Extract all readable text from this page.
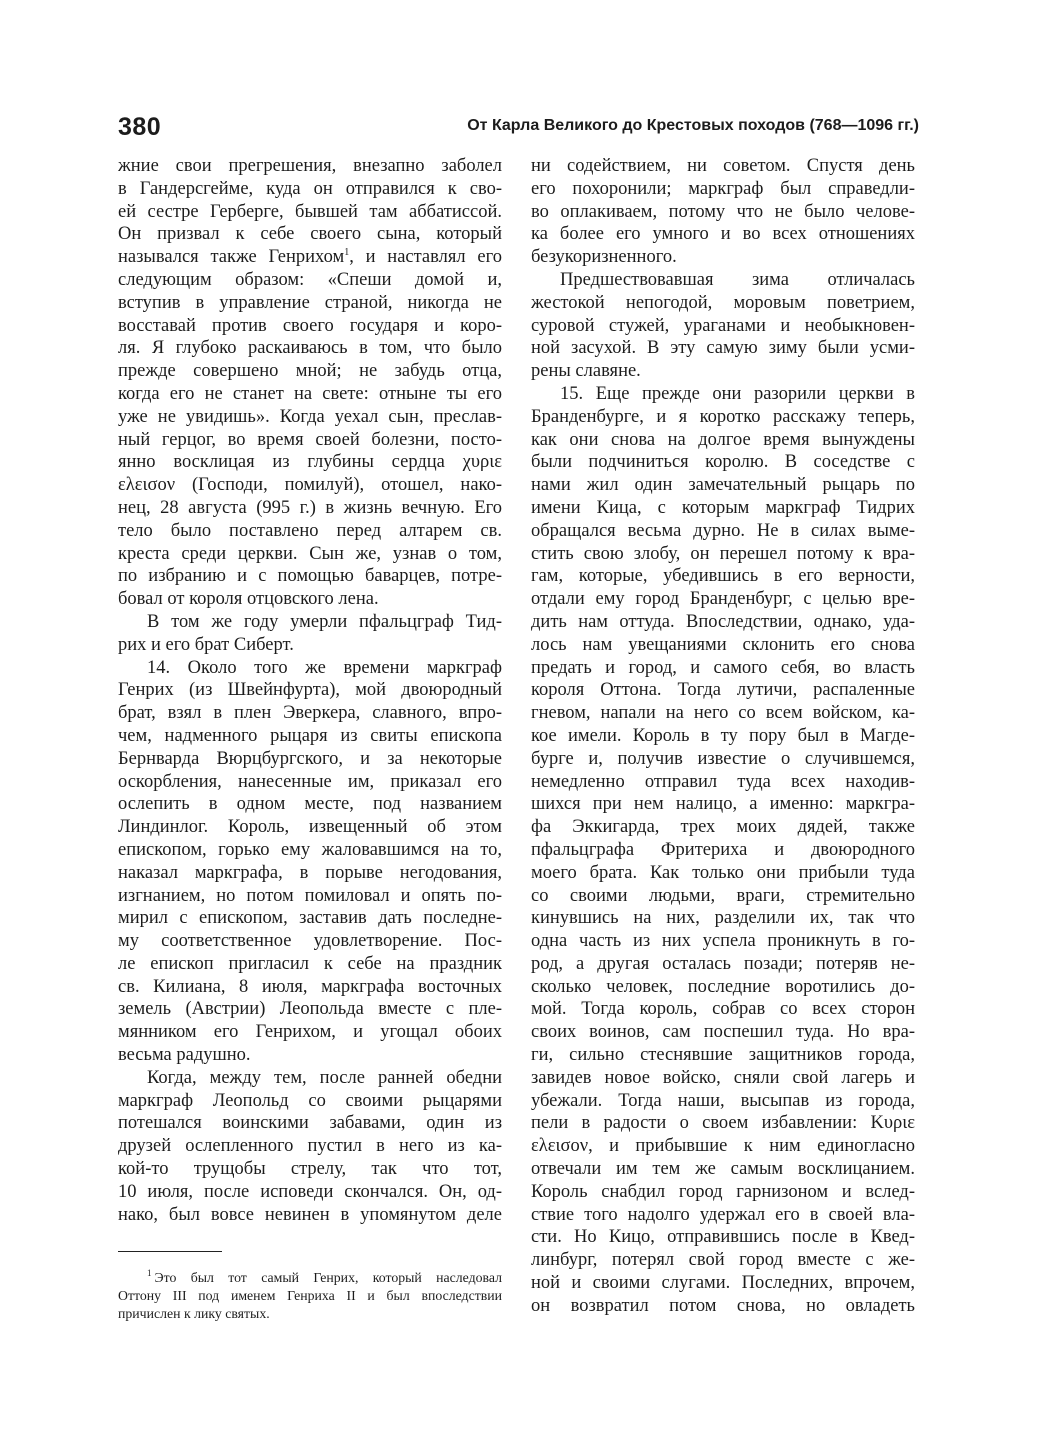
380	От Карла Великого до Крестовых походов (768—1096 гг.)
жние свои прегрешения, внезапно заболел
в Гандерсгейме, куда он отправился к сво-
ей сестре Герберге, бывшей там аббатиссой.
Он призвал к себе своего сына, который
назывался также Генрихом$^1$, и наставлял его
следующим образом: «Спеши домой и,
вступив в управление страной, никогда не
восставай против своего государя и коро-
ля. Я глубоко раскаиваюсь в том, что было
прежде совершено мной; не забудь отца,
когда его не станет на свете: отныне ты его
уже не увидишь». Когда уехал сын, преслав-
ный герцог, во время своей болезни, посто-
янно восклицая из глубины сердца χυριε
ελεισον (Господи, помилуй), отошел, нако-
нец, 28 августа (995 г.) в жизнь вечную. Его
тело было поставлено перед алтарем св.
креста среди церкви. Сын же, узнав о том,
по избранию и с помощью баварцев, потре-
бовал от короля отцовского лена.
В том же году умерли пфальцграф Тид-
рих и его брат Сиберт.
14. Около того же времени маркграф
Генрих (из Швейнфурта), мой двоюродный
брат, взял в плен Эверкера, славного, впро-
чем, надменного рыцаря из свиты епископа
Бернварда Вюрцбургского, и за некоторые
оскорбления, нанесенные им, приказал его
ослепить в одном месте, под названием
Линдинлог. Король, извещенный об этом
епископом, горько ему жаловавшимся на то,
наказал маркграфа, в порыве негодования,
изгнанием, но потом помиловал и опять по-
мирил с епископом, заставив дать последне-
му соответственное удовлетворение. Пос-
ле епископ пригласил к себе на праздник
св. Килиана, 8 июля, маркграфа восточных
земель (Австрии) Леопольда вместе с пле-
мянником его Генрихом, и угощал обоих
весьма радушно.
Когда, между тем, после ранней обедни
маркграф Леопольд со своими рыцарями
потешался воинскими забавами, один из
друзей ослепленного пустил в него из ка-
кой-то трущобы стрелу, так что тот,
10 июля, после исповеди скончался. Он, од-
нако, был вовсе невинен в упомянутом деле
ни содействием, ни советом. Спустя день
его похоронили; маркграф был справедли-
во оплакиваем, потому что не было челове-
ка более его умного и во всех отношениях
безукоризненного.
Предшествовавшая зима отличалась
жестокой непогодой, моровым поветрием,
суровой стужей, ураганами и необыкновен-
ной засухой. В эту самую зиму были усми-
рены славяне.
15. Еще прежде они разорили церкви в
Бранденбурге, и я коротко расскажу теперь,
как они снова на долгое время вынуждены
были подчиниться королю. В соседстве с
нами жил один замечательный рыцарь по
имени Кица, с которым маркграф Тидрих
обращался весьма дурно. Не в силах выме-
стить свою злобу, он перешел потому к вра-
гам, которые, убедившись в его верности,
отдали ему город Бранденбург, с целью вре-
дить нам оттуда. Впоследствии, однако, уда-
лось нам увещаниями склонить его снова
предать и город, и самого себя, во власть
короля Оттона. Тогда лутичи, распаленные
гневом, напали на него со всем войском, ка-
кое имели. Король в ту пору был в Магде-
бурге и, получив известие о случившемся,
немедленно отправил туда всех находив-
шихся при нем налицо, а именно: маркгра-
фа Эккигарда, трех моих дядей, также
пфальцграфа Фритериха и двоюродного
моего брата. Как только они прибыли туда
со своими людьми, враги, стремительно
кинувшись на них, разделили их, так что
одна часть из них успела проникнуть в го-
род, а другая осталась позади; потеряв не-
сколько человек, последние воротились до-
мой. Тогда король, собрав со всех сторон
своих воинов, сам поспешил туда. Но вра-
ги, сильно стеснявшие защитников города,
завидев новое войско, сняли свой лагерь и
убежали. Тогда наши, высыпав из города,
пели в радости о своем избавлении: Κυριε
ελεισον, и прибывшие к ним единогласно
отвечали им тем же самым восклицанием.
Король снабдил город гарнизоном и вслед-
ствие того надолго удержал его в своей вла-
сти. Но Кицо, отправившись после в Квед-
линбург, потерял свой город вместе с же-
ной и своими слугами. Последних, впрочем,
он возвратил потом снова, но овладеть
$^1$ Это был тот самый Генрих, который наследовал
Оттону III под именем Генриха II и был впоследствии
причислен к лику святых.
